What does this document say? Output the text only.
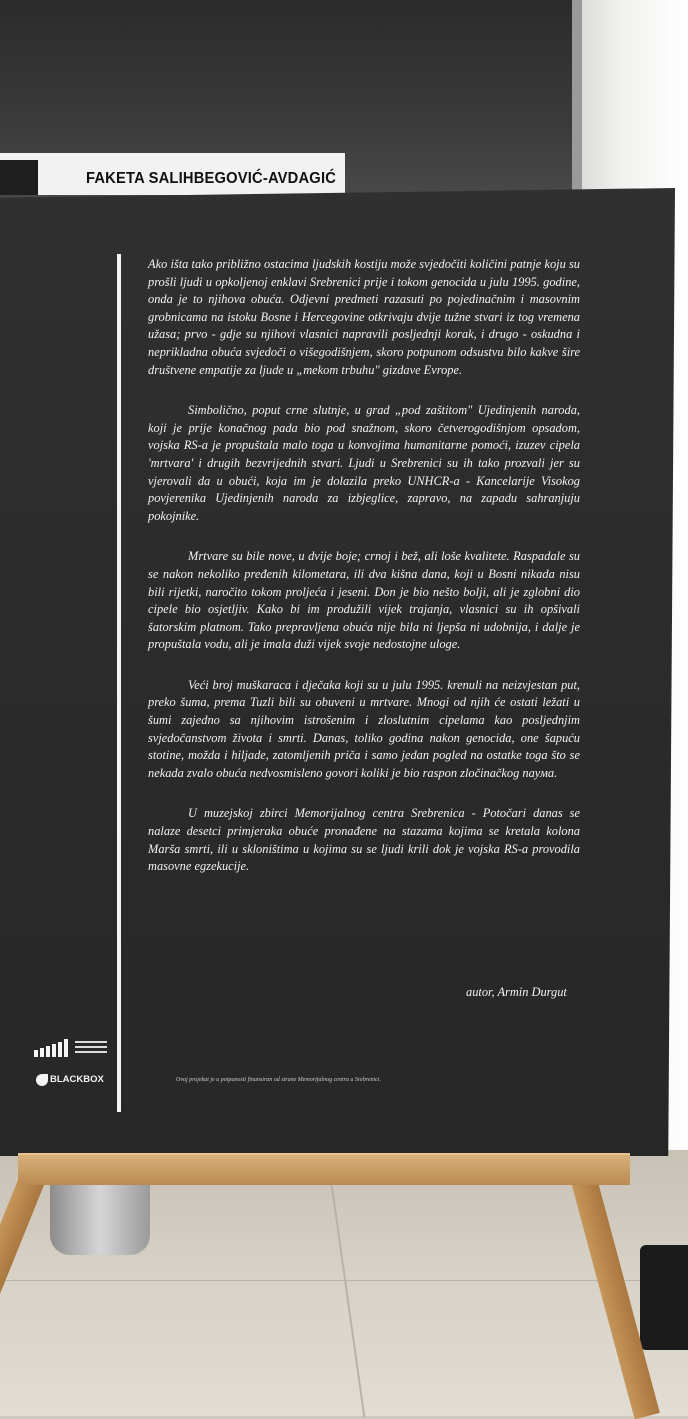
FAKETA SALIHBEGOVIĆ-AVDAGIĆ

Ako išta tako približno ostacima ljudskih kostiju može svjedočiti količini patnje koju su prošli ljudi u opkoljenoj enklavi Srebrenici prije i tokom genocida u julu 1995. godine, onda je to njihova obuća. Odjevni predmeti razasuti po pojedinačnim i masovnim grobnicama na istoku Bosne i Hercegovine otkrivaju dvije tužne stvari iz tog vremena užasa; prvo - gdje su njihovi vlasnici napravili posljednji korak, i drugo - oskudna i neprikladna obuća svjedoči o višegodišnjem, skoro potpunom odsustvu bilo kakve šire društvene empatije za ljude u „mekom trbuhu" gizdave Evrope.

Simbolično, poput crne slutnje, u grad „pod zaštitom" Ujedinjenih naroda, koji je prije konačnog pada bio pod snažnom, skoro četverogodišnjom opsadom, vojska RS-a je propuštala malo toga u konvojima humanitarne pomoći, izuzev cipela 'mrtvara' i drugih bezvrijednih stvari. Ljudi u Srebrenici su ih tako prozvali jer su vjerovali da u obući, koja im je dolazila preko UNHCR-a - Kancelarije Visokog povjerenika Ujedinjenih naroda za izbjeglice, zapravo, na zapadu sahranjuju pokojnike.

Mrtvare su bile nove, u dvije boje; crnoj i bež, ali loše kvalitete. Raspadale su se nakon nekoliko pređenih kilometara, ili dva kišna dana, koji u Bosni nikada nisu bili rijetki, naročito tokom proljeća i jeseni. Don je bio nešto bolji, ali je zglobni dio cipele bio osjetljiv. Kako bi im produžili vijek trajanja, vlasnici su ih opšivali šatorskim platnom. Tako prepravljena obuća nije bila ni ljepša ni udobnija, i dalje je propuštala vodu, ali je imala duži vijek svoje nedostojne uloge.

Veći broj muškaraca i dječaka koji su u julu 1995. krenuli na neizvjestan put, preko šuma, prema Tuzli bili su obuveni u mrtvare. Mnogi od njih će ostati ležati u šumi zajedno sa njihovim istrošenim i zloslutnim cipelama kao posljednjim svjedočanstvom života i smrti. Danas, toliko godina nakon genocida, one šapuću stotine, možda i hiljade, zatomljenih priča i samo jedan pogled na ostatke toga što se nekada zvalo obuća nedvosmisleno govori koliki je bio raspon zločinačkog naума.

U muzejskoj zbirci Memorijalnog centra Srebrenica - Potočari danas se nalaze desetci primjeraka obuće pronađene na stazama kojima se kretala kolona Marša smrti, ili u skloništima u kojima su se ljudi krili dok je vojska RS-a provodila masovne egzekucije.

autor, Armin Durgut
BLACKBOX	Ovaj projekat je u potpunosti finansiran od strane Memorijalnog centra u Srebrenici.
